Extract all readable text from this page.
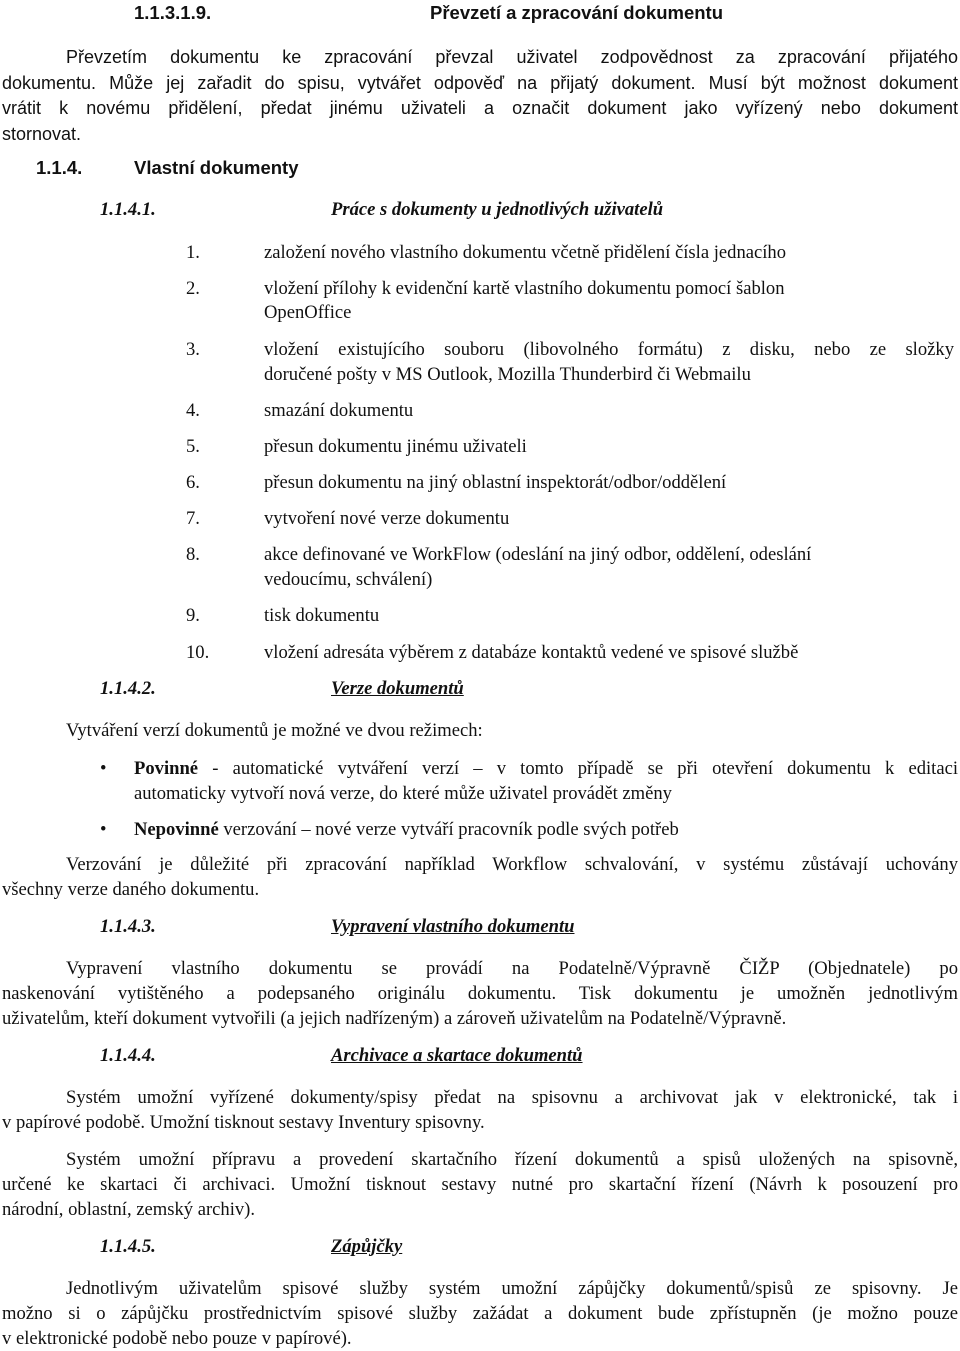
1.1.3.1.9.	Převzetí a zpracování dokumentu
Převzetím dokumentu ke zpracování převzal uživatel zodpovědnost za zpracování přijatého
dokumentu. Může jej zařadit do spisu, vytvářet odpověď na přijatý dokument. Musí být možnost dokument
vrátit k novému přidělení, předat jinému uživateli a označit dokument jako vyřízený nebo dokument
stornovat.
1.1.4.	Vlastní dokumenty
1.1.4.1.	Práce s dokumenty u jednotlivých uživatelů
1.	založení nového vlastního dokumentu včetně přidělení čísla jednacího
2.	vložení přílohy k evidenční kartě vlastního dokumentu pomocí šablon
OpenOffice
3.	vložení existujícího souboru (libovolného formátu) z disku, nebo ze složky
doručené pošty v MS Outlook, Mozilla Thunderbird či Webmailu
4.	smazání dokumentu
5.	přesun dokumentu jinému uživateli
6.	přesun dokumentu na jiný oblastní inspektorát/odbor/oddělení
7.	vytvoření nové verze dokumentu
8.	akce definované ve WorkFlow (odeslání na jiný odbor, oddělení, odeslání
vedoucímu, schválení)
9.	tisk dokumentu
10.	vložení adresáta výběrem z databáze kontaktů vedené ve spisové službě
1.1.4.2.	Verze dokumentů
Vytváření verzí dokumentů je možné ve dvou režimech:
• Povinné - automatické vytváření verzí – v tomto případě se při otevření dokumentu k editaci
automaticky vytvoří nová verze, do které může uživatel provádět změny
• Nepovinné verzování – nové verze vytváří pracovník podle svých potřeb
Verzování je důležité při zpracování například Workflow schvalování, v systému zůstávají uchovány
všechny verze daného dokumentu.
1.1.4.3.	Vypravení vlastního dokumentu
Vypravení vlastního dokumentu se provádí na Podatelně/Výpravně ČIŽP (Objednatele) po
naskenování vytištěného a podepsaného originálu dokumentu. Tisk dokumentu je umožněn jednotlivým
uživatelům, kteří dokument vytvořili (a jejich nadřízeným) a zároveň uživatelům na Podatelně/Výpravně.
1.1.4.4.	Archivace a skartace dokumentů
Systém umožní vyřízené dokumenty/spisy předat na spisovnu a archivovat jak v elektronické, tak i
v papírové podobě. Umožní tisknout sestavy Inventury spisovny.
Systém umožní přípravu a provedení skartačního řízení dokumentů a spisů uložených na spisovně,
určené ke skartaci či archivaci. Umožní tisknout sestavy nutné pro skartační řízení (Návrh k posouzení pro
národní, oblastní, zemský archiv).
1.1.4.5.	Zápůjčky
Jednotlivým uživatelům spisové služby systém umožní zápůjčky dokumentů/spisů ze spisovny. Je
možno si o zápůjčku prostřednictvím spisové služby zažádat a dokument bude zpřístupněn (je možno pouze
v elektronické podobě nebo pouze v papírové).
